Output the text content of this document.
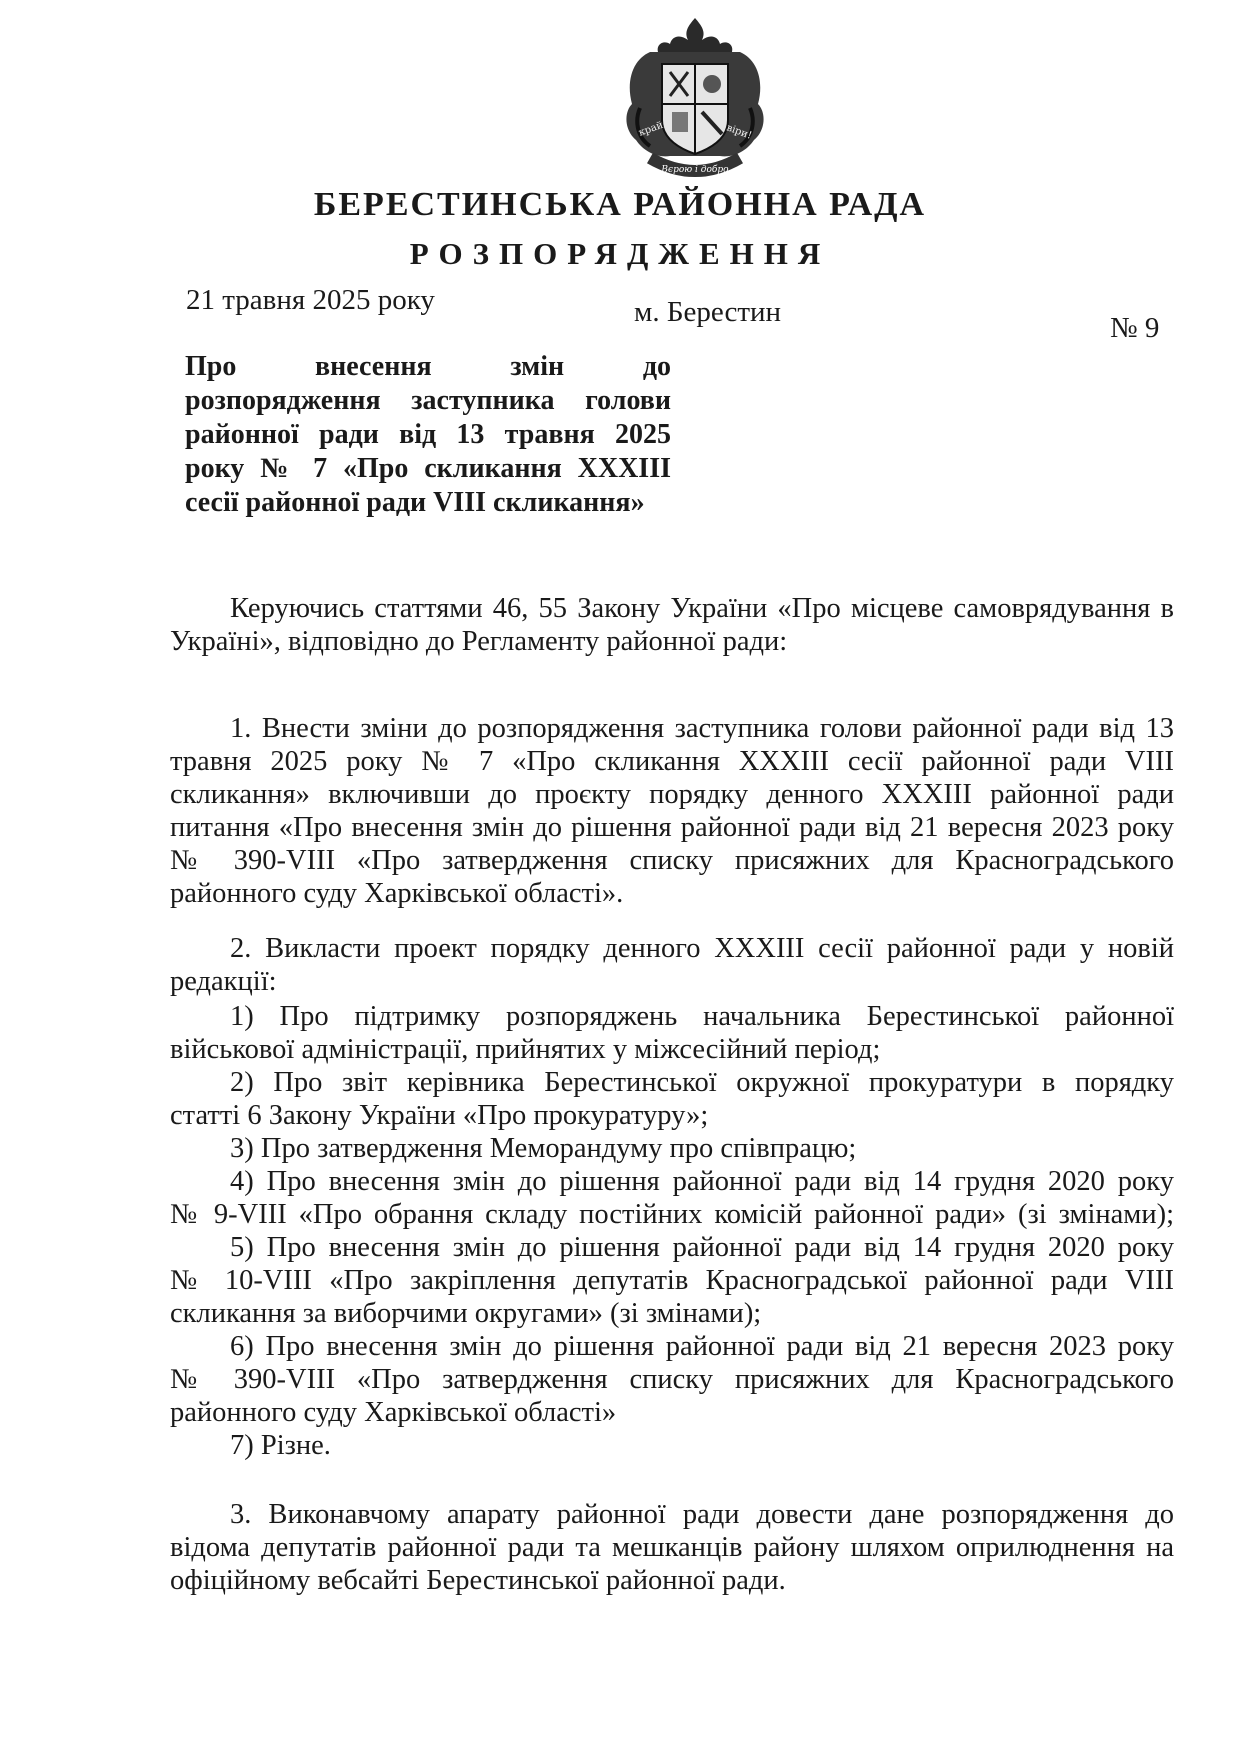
край	віри!
Вєрою і добро
БЕРЕСТИНСЬКА РАЙОННА РАДА
РОЗПОРЯДЖЕННЯ
21 травня 2025 року	м. Берестин	№ 9
Про внесення змін до
розпорядження заступника голови
районної ради від 13 травня 2025
року № 7 «Про скликання XXXIII
сесії районної ради VIII скликання»
Керуючись статтями 46, 55 Закону України «Про місцеве самоврядування в
Україні», відповідно до Регламенту районної ради:
1. Внести зміни до розпорядження заступника голови районної ради від 13
травня 2025 року № 7 «Про скликання XXXIII сесії районної ради VIII
скликання» включивши до проєкту порядку денного XXXIII районної ради
питання «Про внесення змін до рішення районної ради від 21 вересня 2023 року
№ 390-VIII «Про затвердження списку присяжних для Красноградського
районного суду Харківської області».
2. Викласти проект порядку денного XXXIII сесії районної ради у новій
редакції:
1) Про підтримку розпоряджень начальника Берестинської районної
військової адміністрації, прийнятих у міжсесійний період;
2) Про звіт керівника Берестинської окружної прокуратури в порядку
статті 6 Закону України «Про прокуратуру»;
3) Про затвердження Меморандуму про співпрацю;
4) Про внесення змін до рішення районної ради від 14 грудня 2020 року
№ 9-VIII «Про обрання складу постійних комісій районної ради» (зі змінами);
5) Про внесення змін до рішення районної ради від 14 грудня 2020 року
№ 10-VIII «Про закріплення депутатів Красноградської районної ради VIII
скликання за виборчими округами» (зі змінами);
6) Про внесення змін до рішення районної ради від 21 вересня 2023 року
№ 390-VIII «Про затвердження списку присяжних для Красноградського
районного суду Харківської області»
7) Різне.
3. Виконавчому апарату районної ради довести дане розпорядження до
відома депутатів районної ради та мешканців району шляхом оприлюднення на
офіційному вебсайті Берестинської районної ради.
